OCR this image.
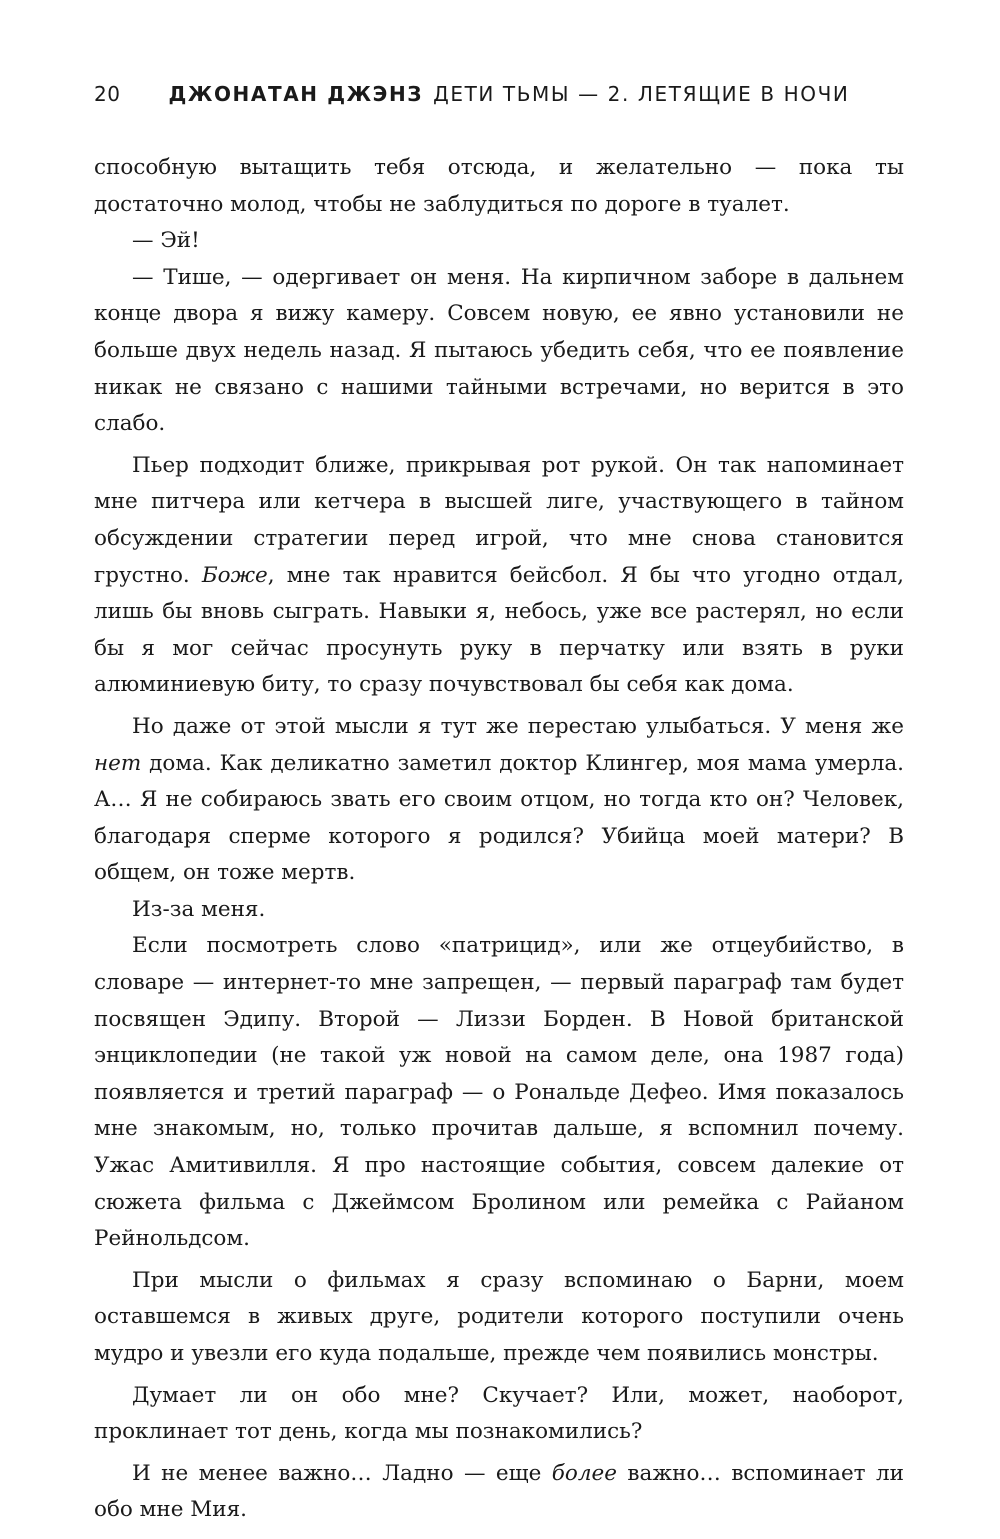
20 ДЖОНАТАН ДЖЭНЗ ДЕТИ ТЬМЫ — 2. ЛЕТЯЩИЕ В НОЧИ

способную вытащить тебя отсюда, и желательно — пока ты достаточно молод, чтобы не заблудиться по дороге в туалет.

— Эй!

— Тише, — одергивает он меня. На кирпичном заборе в дальнем конце двора я вижу камеру. Совсем новую, ее явно установили не больше двух недель назад. Я пытаюсь убедить себя, что ее появление никак не связано с нашими тайными встречами, но верится в это слабо.

Пьер подходит ближе, прикрывая рот рукой. Он так напоминает мне питчера или кетчера в высшей лиге, участвующего в тайном обсуждении стратегии перед игрой, что мне снова становится грустно. Боже, мне так нравится бейсбол. Я бы что угодно отдал, лишь бы вновь сыграть. Навыки я, небось, уже все растерял, но если бы я мог сейчас просунуть руку в перчатку или взять в руки алюминиевую биту, то сразу почувствовал бы себя как дома.

Но даже от этой мысли я тут же перестаю улыбаться. У меня же нет дома. Как деликатно заметил доктор Клингер, моя мама умерла. А… Я не собираюсь звать его своим отцом, но тогда кто он? Человек, благодаря сперме которого я родился? Убийца моей матери? В общем, он тоже мертв.

Из-за меня.

Если посмотреть слово «патрицид», или же отцеубийство, в словаре — интернет-то мне запрещен, — первый параграф там будет посвящен Эдипу. Второй — Лиззи Борден. В Новой британской энциклопедии (не такой уж новой на самом деле, она 1987 года) появляется и третий параграф — о Рональде Дефео. Имя показалось мне знакомым, но, только прочитав дальше, я вспомнил почему. Ужас Амитивилля. Я про настоящие события, совсем далекие от сюжета фильма с Джеймсом Бролином или ремейка с Райаном Рейнольдсом.

При мысли о фильмах я сразу вспоминаю о Барни, моем оставшемся в живых друге, родители которого поступили очень мудро и увезли его куда подальше, прежде чем появились монстры.

Думает ли он обо мне? Скучает? Или, может, наоборот, проклинает тот день, когда мы познакомились?

И не менее важно… Ладно — еще более важно… вспоминает ли обо мне Мия.
